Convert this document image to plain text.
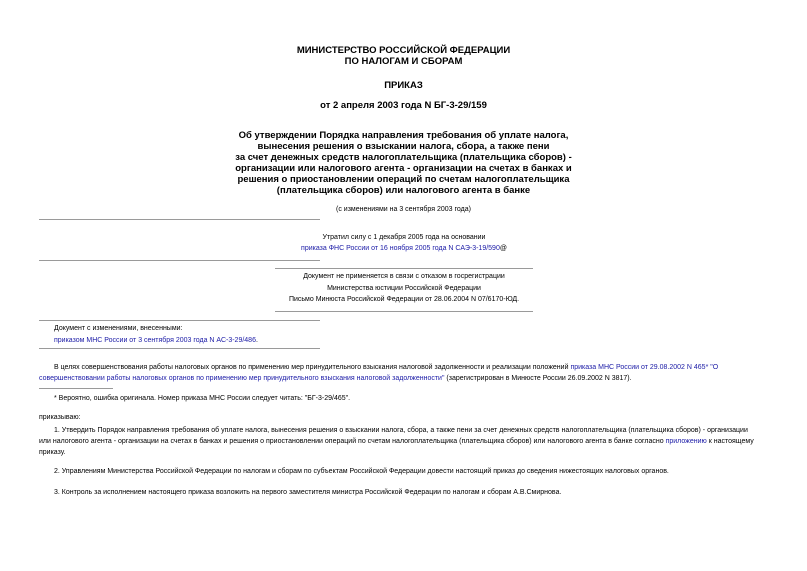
МИНИСТЕРСТВО РОССИЙСКОЙ ФЕДЕРАЦИИ
ПО НАЛОГАМ И СБОРАМ
ПРИКАЗ
от 2 апреля 2003 года N БГ-3-29/159
Об утверждении Порядка направления требования об уплате налога,
вынесения решения о взыскании налога, сбора, а также пени
за счет денежных средств налогоплательщика (плательщика сборов) -
организации или налогового агента - организации на счетах в банках и
решения о приостановлении операций по счетам налогоплательщика
(плательщика сборов) или налогового агента в банке
(с изменениями на 3 сентября 2003 года)
Утратил силу с 1 декабря 2005 года на основании
приказа ФНС России от 16 ноября 2005 года N САЭ-3-19/590@
Документ не применяется в связи с отказом в госрегистрации
Министерства юстиции Российской Федерации
Письмо Минюста Российской Федерации от 28.06.2004 N 07/6170-ЮД.
Документ с изменениями, внесенными:
приказом МНС России от 3 сентября 2003 года N АС-3-29/486.
В целях совершенствования работы налоговых органов по применению мер принудительного взыскания налоговой задолженности и реализации положений приказа МНС России от 29.08.2002 N 465* "О
совершенствовании работы налоговых органов по применению мер принудительного взыскания налоговой задолженности" (зарегистрирован в Минюсте России 26.09.2002 N 3817).
* Вероятно, ошибка оригинала. Номер приказа МНС России следует читать: "БГ-3-29/465".
приказываю:
1. Утвердить Порядок направления требования об уплате налога, вынесения решения о взыскании налога, сбора, а также пени за счет денежных средств налогоплательщика (плательщика сборов) - организации
или налогового агента - организации на счетах в банках и решения о приостановлении операций по счетам налогоплательщика (плательщика сборов) или налогового агента в банке согласно приложению к настоящему
приказу.
2. Управлениям Министерства Российской Федерации по налогам и сборам по субъектам Российской Федерации довести настоящий приказ до сведения нижестоящих налоговых органов.
3. Контроль за исполнением настоящего приказа возложить на первого заместителя министра Российской Федерации по налогам и сборам А.В.Смирнова.
